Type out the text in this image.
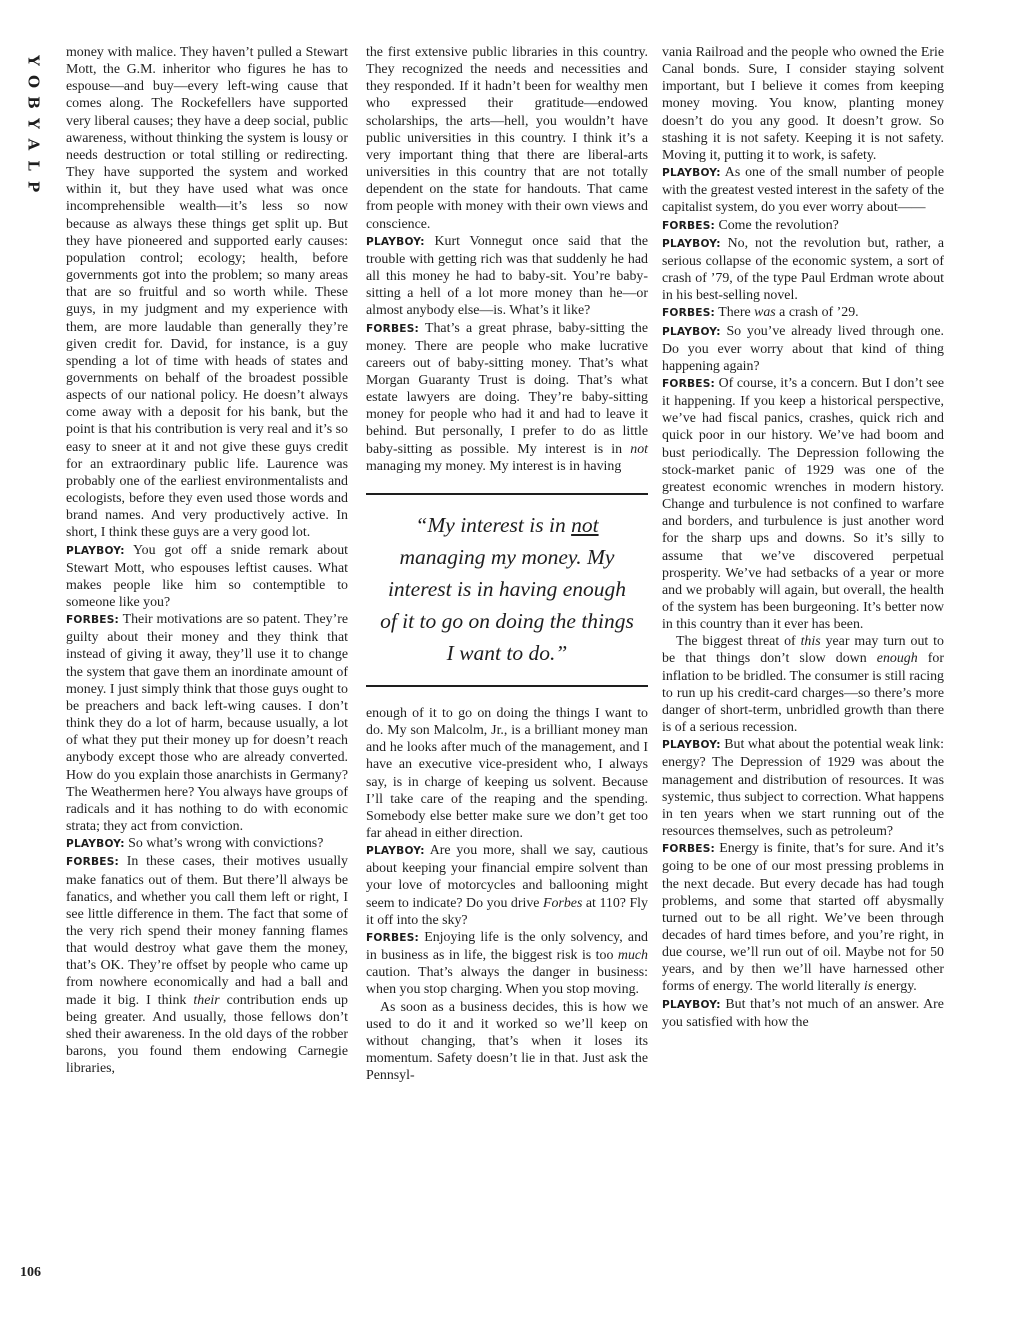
Y
O
B
Y
A
L
P
106

money with malice. They haven’t pulled a Stewart Mott, the G.M. inheritor who figures he has to espouse—and buy—every left-wing cause that comes along. The Rockefellers have supported very liberal causes; they have a deep social, public awareness, without thinking the system is lousy or needs destruction or total stilling or redirecting. They have supported the system and worked within it, but they have used what was once incomprehensible wealth—it’s less so now because as always these things get split up. But they have pioneered and supported early causes: population control; ecology; health, before governments got into the problem; so many areas that are so fruitful and so worth while. These guys, in my judgment and my experience with them, are more laudable than generally they’re given credit for. David, for instance, is a guy spending a lot of time with heads of states and governments on behalf of the broadest possible aspects of our national policy. He doesn’t always come away with a deposit for his bank, but the point is that his contribution is very real and it’s so easy to sneer at it and not give these guys credit for an extraordinary public life. Laurence was probably one of the earliest environmentalists and ecologists, before they even used those words and brand names. And very productively active. In short, I think these guys are a very good lot.

PLAYBOY: You got off a snide remark about Stewart Mott, who espouses leftist causes. What makes people like him so contemptible to someone like you?

FORBES: Their motivations are so patent. They’re guilty about their money and they think that instead of giving it away, they’ll use it to change the system that gave them an inordinate amount of money. I just simply think that those guys ought to be preachers and back left-wing causes. I don’t think they do a lot of harm, because usually, a lot of what they put their money up for doesn’t reach anybody except those who are already converted. How do you explain those anarchists in Germany? The Weathermen here? You always have groups of radicals and it has nothing to do with economic strata; they act from conviction.

PLAYBOY: So what’s wrong with convictions?

FORBES: In these cases, their motives usually make fanatics out of them. But there’ll always be fanatics, and whether you call them left or right, I see little difference in them. The fact that some of the very rich spend their money fanning flames that would destroy what gave them the money, that’s OK. They’re offset by people who came up from nowhere economically and had a ball and made it big. I think their contribution ends up being greater. And usually, those fellows don’t shed their awareness. In the old days of the robber barons, you found them endowing Carnegie libraries,

the first extensive public libraries in this country. They recognized the needs and necessities and they responded. If it hadn’t been for wealthy men who expressed their gratitude—endowed scholarships, the arts—hell, you wouldn’t have public universities in this country. I think it’s a very important thing that there are liberal-arts universities in this country that are not totally dependent on the state for handouts. That came from people with money with their own views and conscience.

PLAYBOY: Kurt Vonnegut once said that the trouble with getting rich was that suddenly he had all this money he had to baby-sit. You’re baby-sitting a hell of a lot more money than he—or almost anybody else—is. What’s it like?

FORBES: That’s a great phrase, baby-sitting the money. There are people who make lucrative careers out of baby-sitting money. That’s what Morgan Guaranty Trust is doing. That’s what estate lawyers are doing. They’re baby-sitting money for people who had it and had to leave it behind. But personally, I prefer to do as little baby-sitting as possible. My interest is in not managing my money. My interest is in having

“My interest is in not managing my money. My interest is in having enough of it to go on doing the things I want to do.”

enough of it to go on doing the things I want to do. My son Malcolm, Jr., is a brilliant money man and he looks after much of the management, and I have an executive vice-president who, I always say, is in charge of keeping us solvent. Because I’ll take care of the reaping and the spending. Somebody else better make sure we don’t get too far ahead in either direction.

PLAYBOY: Are you more, shall we say, cautious about keeping your financial empire solvent than your love of motorcycles and ballooning might seem to indicate? Do you drive Forbes at 110? Fly it off into the sky?

FORBES: Enjoying life is the only solvency, and in business as in life, the biggest risk is too much caution. That’s always the danger in business: when you stop charging. When you stop moving.

As soon as a business decides, this is how we used to do it and it worked so we’ll keep on without changing, that’s when it loses its momentum. Safety doesn’t lie in that. Just ask the Pennsyl-

vania Railroad and the people who owned the Erie Canal bonds. Sure, I consider staying solvent important, but I believe it comes from keeping money moving. You know, planting money doesn’t do you any good. It doesn’t grow. So stashing it is not safety. Keeping it is not safety. Moving it, putting it to work, is safety.

PLAYBOY: As one of the small number of people with the greatest vested interest in the safety of the capitalist system, do you ever worry about——

FORBES: Come the revolution?

PLAYBOY: No, not the revolution but, rather, a serious collapse of the economic system, a sort of crash of ’79, of the type Paul Erdman wrote about in his best-selling novel.

FORBES: There was a crash of ’29.

PLAYBOY: So you’ve already lived through one. Do you ever worry about that kind of thing happening again?

FORBES: Of course, it’s a concern. But I don’t see it happening. If you keep a historical perspective, we’ve had fiscal panics, crashes, quick rich and quick poor in our history. We’ve had boom and bust periodically. The Depression following the stock-market panic of 1929 was one of the greatest economic wrenches in modern history. Change and turbulence is not confined to warfare and borders, and turbulence is just another word for the sharp ups and downs. So it’s silly to assume that we’ve discovered perpetual prosperity. We’ve had setbacks of a year or more and we probably will again, but overall, the health of the system has been burgeoning. It’s better now in this country than it ever has been.

The biggest threat of this year may turn out to be that things don’t slow down enough for inflation to be bridled. The consumer is still racing to run up his credit-card charges—so there’s more danger of short-term, unbridled growth than there is of a serious recession.

PLAYBOY: But what about the potential weak link: energy? The Depression of 1929 was about the management and distribution of resources. It was systemic, thus subject to correction. What happens in ten years when we start running out of the resources themselves, such as petroleum?

FORBES: Energy is finite, that’s for sure. And it’s going to be one of our most pressing problems in the next decade. But every decade has had tough problems, and some that started off abysmally turned out to be all right. We’ve been through decades of hard times before, and you’re right, in due course, we’ll run out of oil. Maybe not for 50 years, and by then we’ll have harnessed other forms of energy. The world literally is energy.

PLAYBOY: But that’s not much of an answer. Are you satisfied with how the
